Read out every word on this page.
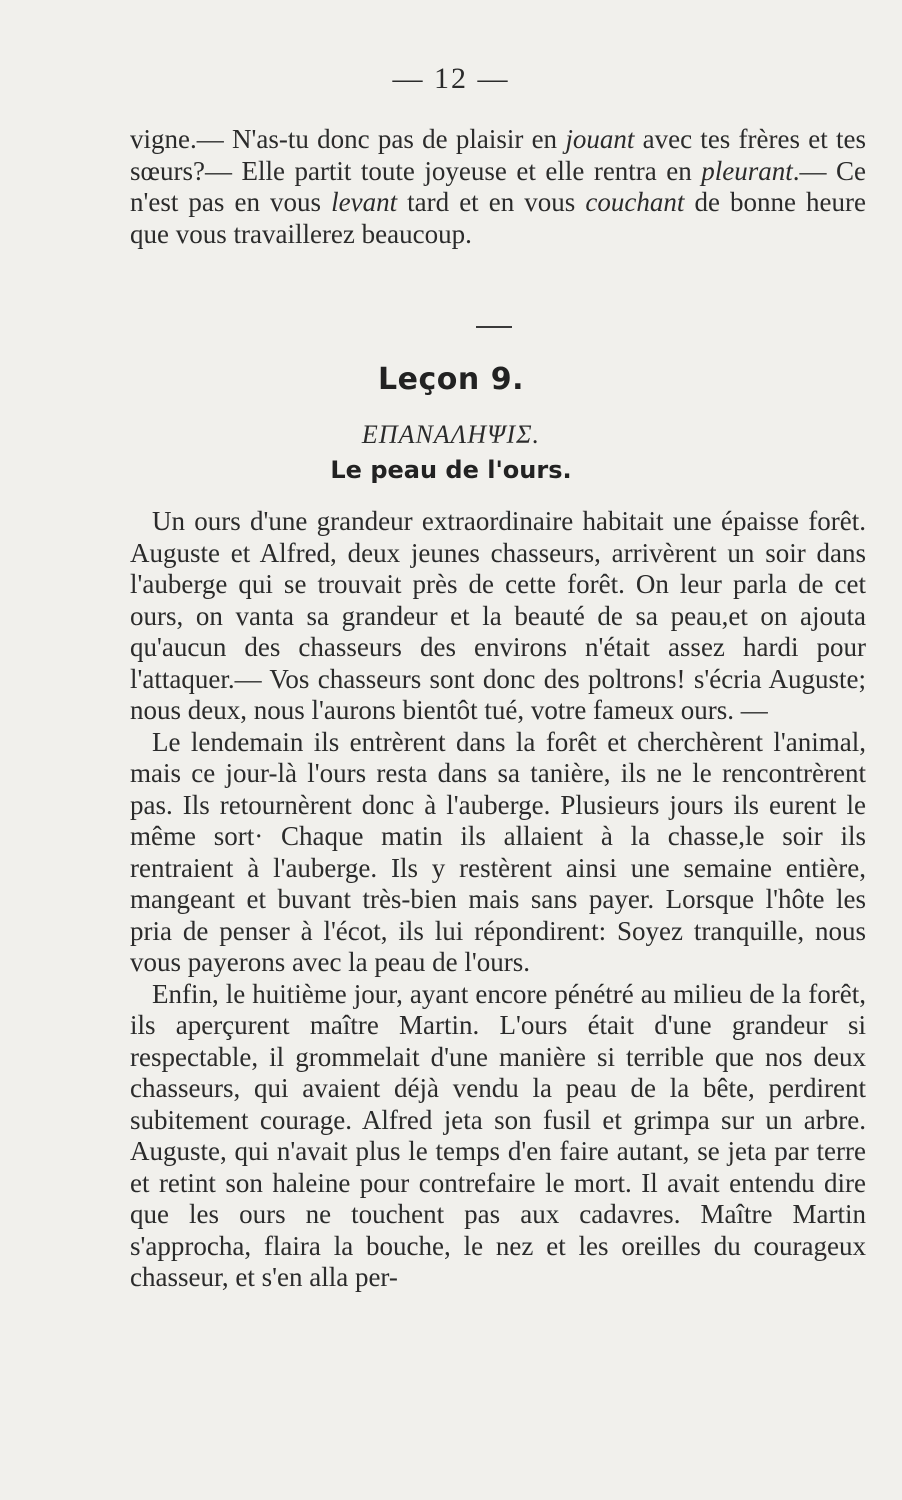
— 12 —

vigne.— N'as-tu donc pas de plaisir en jouant avec tes frères et tes sœurs?— Elle partit toute joyeuse et elle rentra en pleurant.— Ce n'est pas en vous levant tard et en vous couchant de bonne heure que vous travaillerez beaucoup.

Leçon 9.
ΕΠΑΝΑΛΗΨΙΣ.
Le peau de l'ours.

Un ours d'une grandeur extraordinaire habitait une épaisse forêt. Auguste et Alfred, deux jeunes chasseurs, arrivèrent un soir dans l'auberge qui se trouvait près de cette forêt. On leur parla de cet ours, on vanta sa grandeur et la beauté de sa peau,et on ajouta qu'aucun des chasseurs des environs n'était assez hardi pour l'attaquer.— Vos chasseurs sont donc des poltrons! s'écria Auguste; nous deux, nous l'aurons bientôt tué, votre fameux ours. —

Le lendemain ils entrèrent dans la forêt et cherchèrent l'animal, mais ce jour-là l'ours resta dans sa tanière, ils ne le rencontrèrent pas. Ils retournèrent donc à l'auberge. Plusieurs jours ils eurent le même sort· Chaque matin ils allaient à la chasse,le soir ils rentraient à l'auberge. Ils y restèrent ainsi une semaine entière, mangeant et buvant très-bien mais sans payer. Lorsque l'hôte les pria de penser à l'écot, ils lui répondirent: Soyez tranquille, nous vous payerons avec la peau de l'ours.

Enfin, le huitième jour, ayant encore pénétré au milieu de la forêt, ils aperçurent maître Martin. L'ours était d'une grandeur si respectable, il grommelait d'une manière si terrible que nos deux chasseurs, qui avaient déjà vendu la peau de la bête, perdirent subitement courage. Alfred jeta son fusil et grimpa sur un arbre. Auguste, qui n'avait plus le temps d'en faire autant, se jeta par terre et retint son haleine pour contrefaire le mort. Il avait entendu dire que les ours ne touchent pas aux cadavres. Maître Martin s'approcha, flaira la bouche, le nez et les oreilles du courageux chasseur, et s'en alla per-
